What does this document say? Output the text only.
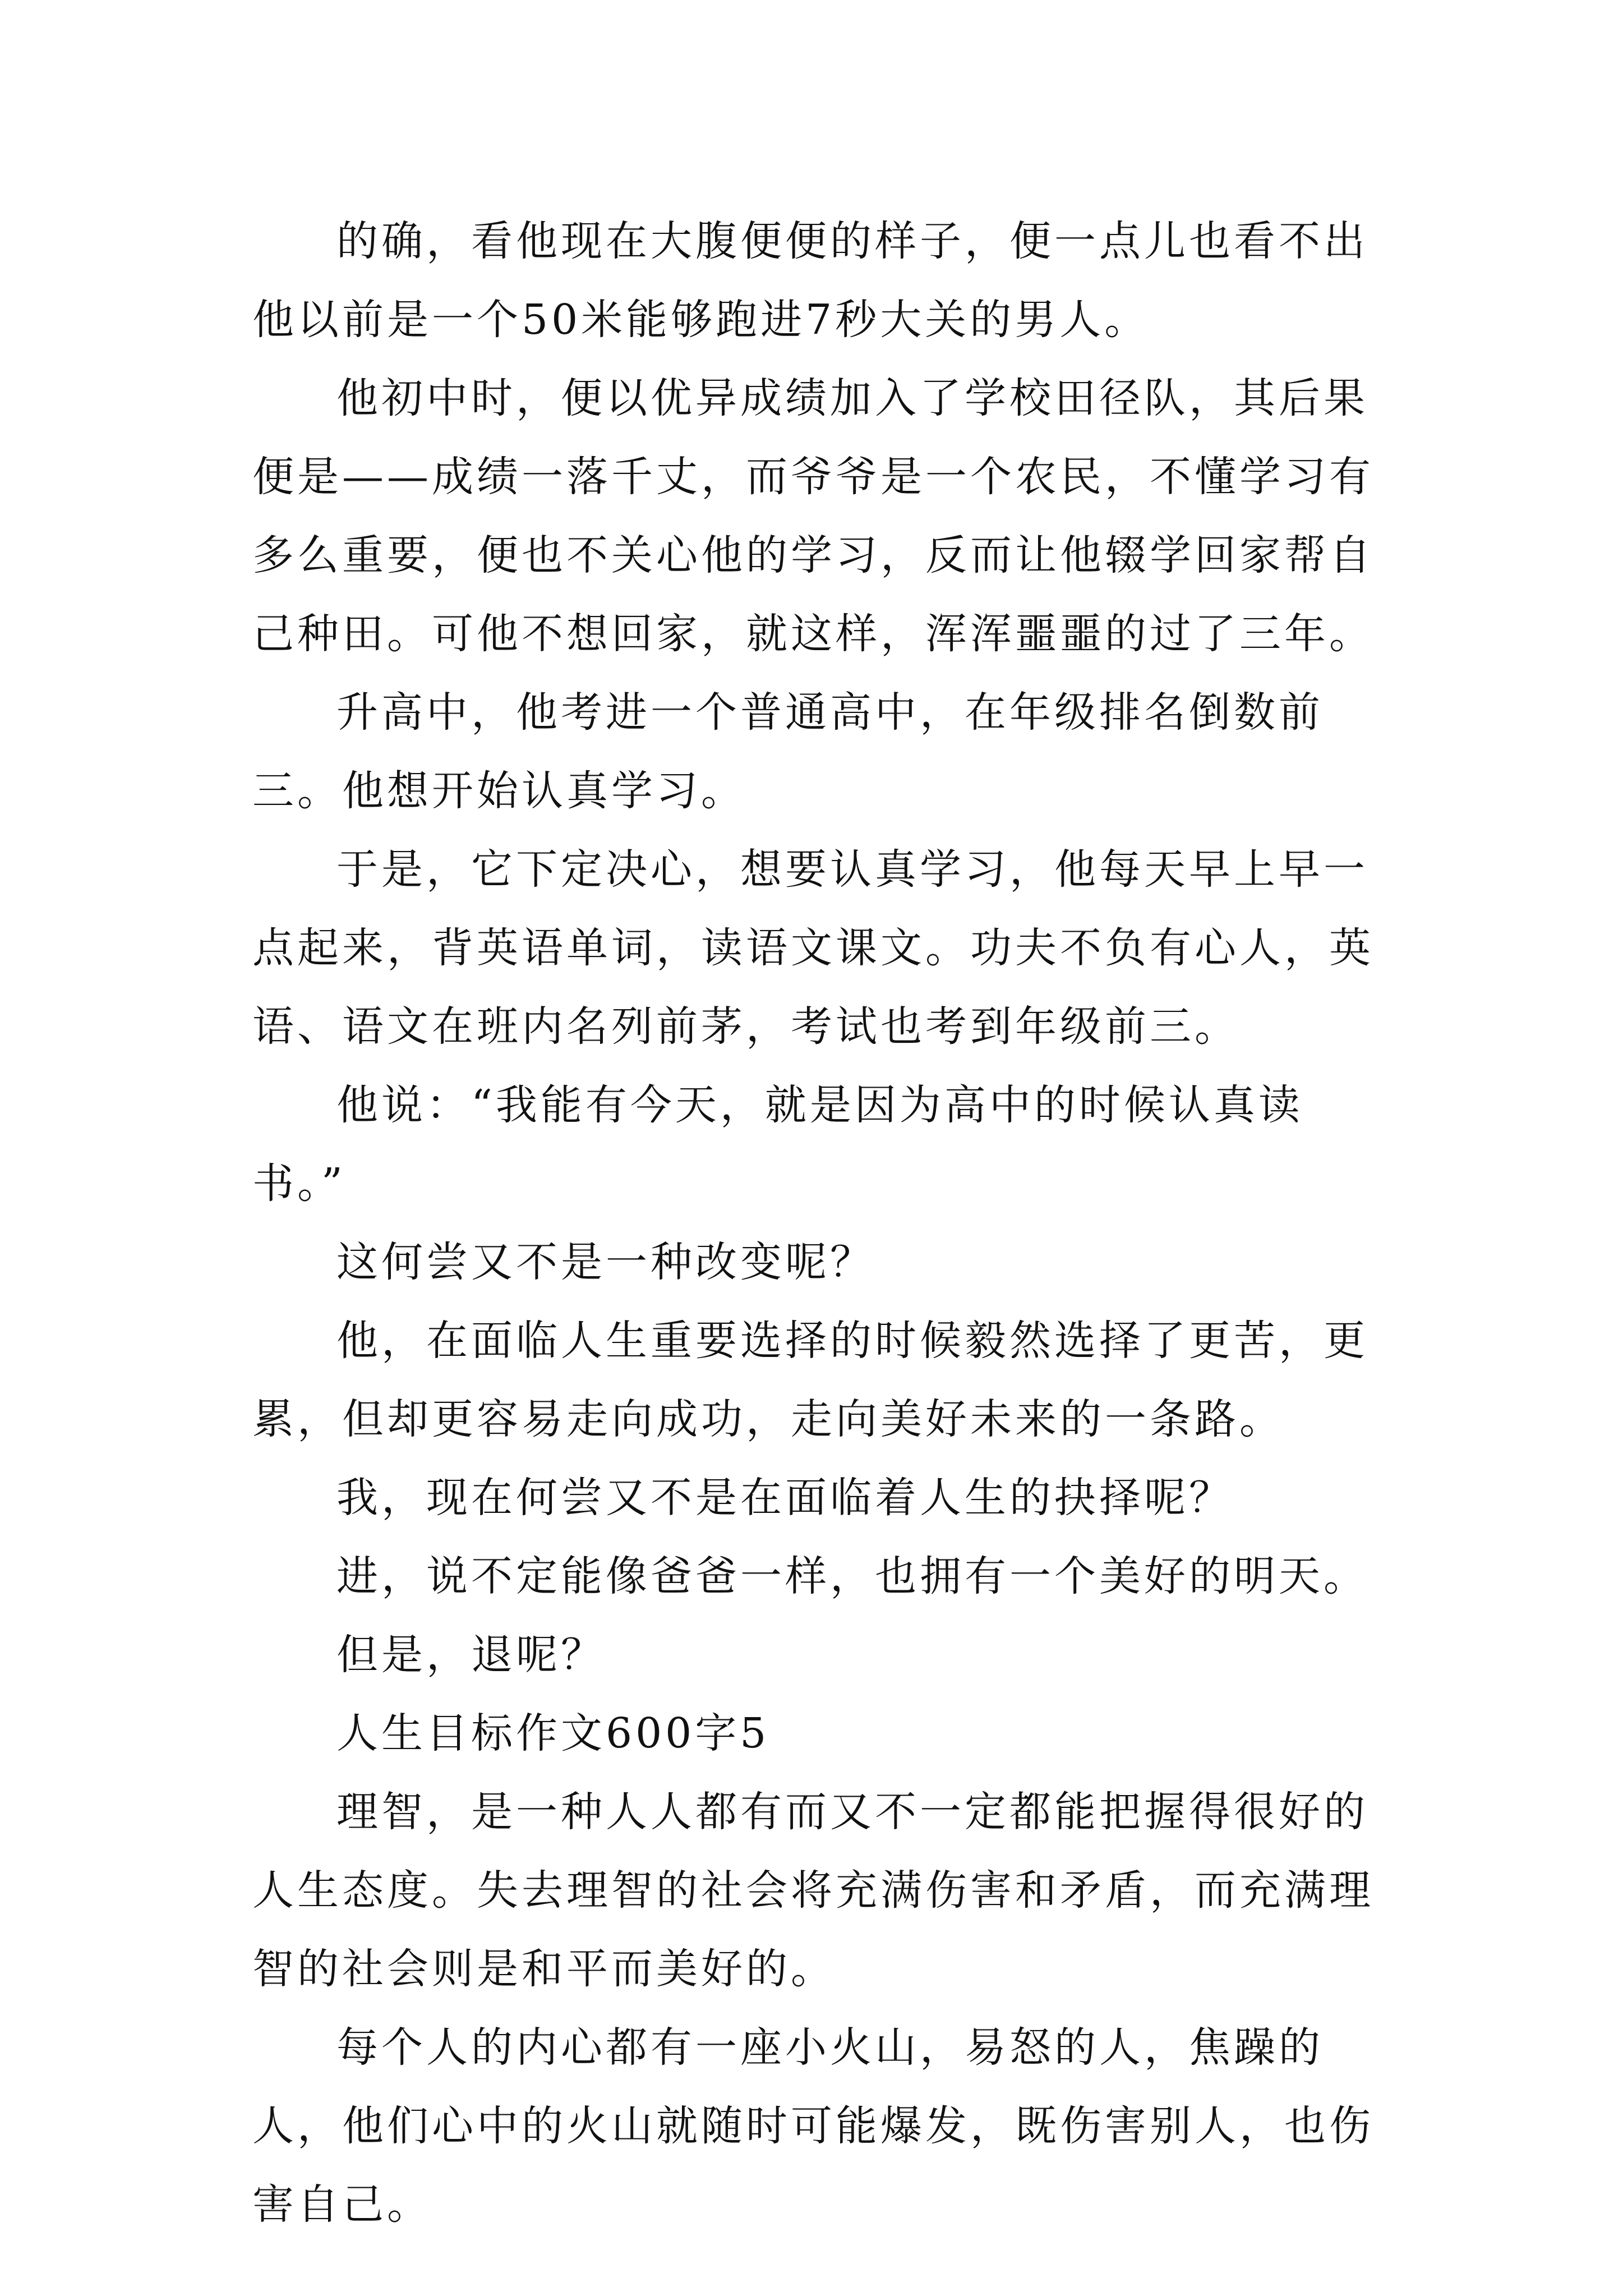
的确，看他现在大腹便便的样子，便一点儿也看不出他以前是一个50米能够跑进7秒大关的男人。

他初中时，便以优异成绩加入了学校田径队，其后果便是——成绩一落千丈，而爷爷是一个农民，不懂学习有多么重要，便也不关心他的学习，反而让他辍学回家帮自己种田。可他不想回家，就这样，浑浑噩噩的过了三年。

升高中，他考进一个普通高中，在年级排名倒数前三。他想开始认真学习。

于是，它下定决心，想要认真学习，他每天早上早一点起来，背英语单词，读语文课文。功夫不负有心人，英语、语文在班内名列前茅，考试也考到年级前三。

他说：“我能有今天，就是因为高中的时候认真读书。”

这何尝又不是一种改变呢？

他，在面临人生重要选择的时候毅然选择了更苦，更累，但却更容易走向成功，走向美好未来的一条路。

我，现在何尝又不是在面临着人生的抉择呢？

进，说不定能像爸爸一样，也拥有一个美好的明天。

但是，退呢？

人生目标作文600字5

理智，是一种人人都有而又不一定都能把握得很好的人生态度。失去理智的社会将充满伤害和矛盾，而充满理智的社会则是和平而美好的。

每个人的内心都有一座小火山，易怒的人，焦躁的人，他们心中的火山就随时可能爆发，既伤害别人，也伤害自己。
